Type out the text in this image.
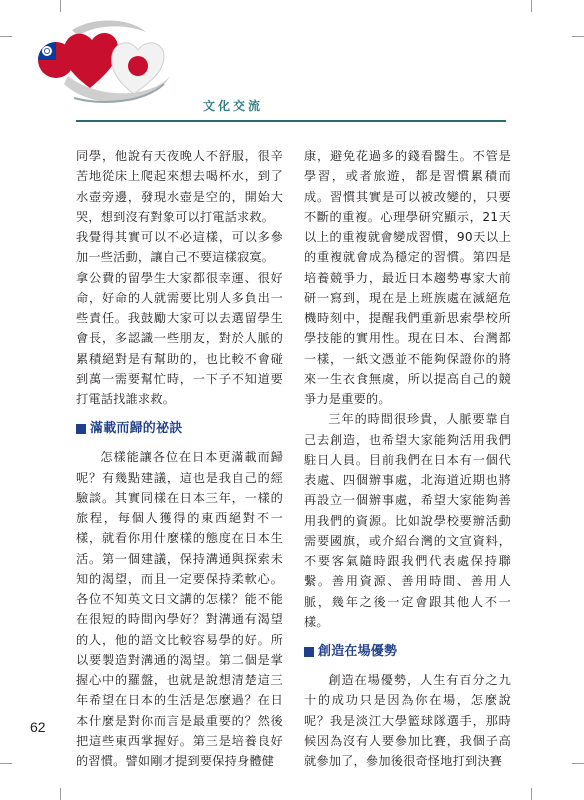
文化交流

同學，他說有天夜晚人不舒服，很辛苦地從床上爬起來想去喝杯水，到了水壺旁邊，發現水壺是空的，開始大哭，想到沒有對象可以打電話求救。

我覺得其實可以不必這樣，可以多參加一些活動，讓自己不要這樣寂寞。

拿公費的留學生大家都很幸運、很好命，好命的人就需要比別人多負出一些責任。我鼓勵大家可以去選留學生會長，多認識一些朋友，對於人脈的累積絕對是有幫助的，也比較不會碰到萬一需要幫忙時，一下子不知道要打電話找誰求救。

滿載而歸的祕訣

怎樣能讓各位在日本更滿載而歸呢？有幾點建議，這也是我自己的經驗談。其實同樣在日本三年，一樣的旅程，每個人獲得的東西絕對不一樣，就看你用什麼樣的態度在日本生活。第一個建議，保持溝通與探索未知的渴望，而且一定要保持柔軟心。各位不知英文日文講的怎樣？能不能在很短的時間內學好？對溝通有渴望的人，他的語文比較容易學的好。所以要製造對溝通的渴望。第二個是掌握心中的羅盤，也就是說想清楚這三年希望在日本的生活是怎麼過？在日本什麼是對你而言是最重要的？然後把這些東西掌握好。第三是培養良好的習慣。譬如剛才提到要保持身體健

康，避免花過多的錢看醫生。不管是學習，或者旅遊，都是習慣累積而成。習慣其實是可以被改變的，只要不斷的重複。心理學研究顯示，21天以上的重複就會變成習慣，90天以上的重複就會成為穩定的習慣。第四是培養競爭力，最近日本趨勢專家大前研一寫到，現在是上班族處在滅絕危機時刻中，提醒我們重新思索學校所學技能的實用性。現在日本、台灣都一樣，一紙文憑並不能夠保證你的將來一生衣食無虞，所以提高自己的競爭力是重要的。

三年的時間很珍貴，人脈要靠自己去創造，也希望大家能夠活用我們駐日人員。目前我們在日本有一個代表處、四個辦事處，北海道近期也將再設立一個辦事處，希望大家能夠善用我們的資源。比如說學校要辦活動需要國旗，或介紹台灣的文宣資料，不要客氣隨時跟我們代表處保持聯繫。善用資源、善用時間、善用人脈，幾年之後一定會跟其他人不一樣。

創造在場優勢

創造在場優勢，人生有百分之九十的成功只是因為你在場，怎麼說呢？我是淡江大學籃球隊選手，那時候因為沒有人要參加比賽，我個子高就參加了，參加後很奇怪地打到決賽

62
